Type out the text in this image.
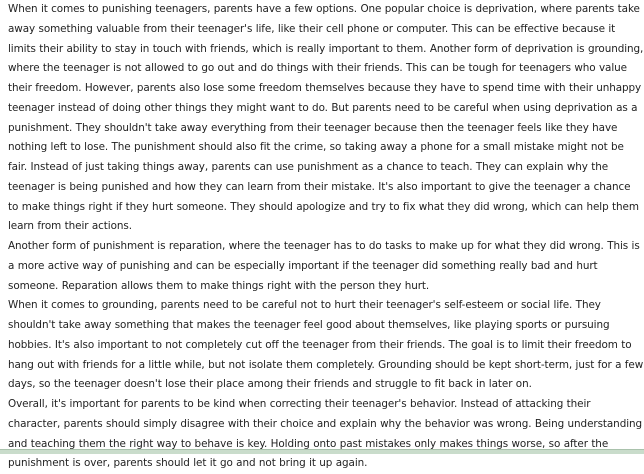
When it comes to punishing teenagers, parents have a few options. One popular choice is deprivation, where parents take away something valuable from their teenager's life, like their cell phone or computer. This can be effective because it limits their ability to stay in touch with friends, which is really important to them. Another form of deprivation is grounding, where the teenager is not allowed to go out and do things with their friends. This can be tough for teenagers who value their freedom. However, parents also lose some freedom themselves because they have to spend time with their unhappy teenager instead of doing other things they might want to do. But parents need to be careful when using deprivation as a punishment. They shouldn't take away everything from their teenager because then the teenager feels like they have nothing left to lose. The punishment should also fit the crime, so taking away a phone for a small mistake might not be fair. Instead of just taking things away, parents can use punishment as a chance to teach. They can explain why the teenager is being punished and how they can learn from their mistake. It's also important to give the teenager a chance to make things right if they hurt someone. They should apologize and try to fix what they did wrong, which can help them learn from their actions.

Another form of punishment is reparation, where the teenager has to do tasks to make up for what they did wrong. This is a more active way of punishing and can be especially important if the teenager did something really bad and hurt someone. Reparation allows them to make things right with the person they hurt.

When it comes to grounding, parents need to be careful not to hurt their teenager's self-esteem or social life. They shouldn't take away something that makes the teenager feel good about themselves, like playing sports or pursuing hobbies. It's also important to not completely cut off the teenager from their friends. The goal is to limit their freedom to hang out with friends for a little while, but not isolate them completely. Grounding should be kept short-term, just for a few days, so the teenager doesn't lose their place among their friends and struggle to fit back in later on.

Overall, it's important for parents to be kind when correcting their teenager's behavior. Instead of attacking their character, parents should simply disagree with their choice and explain why the behavior was wrong. Being understanding and teaching them the right way to behave is key. Holding onto past mistakes only makes things worse, so after the punishment is over, parents should let it go and not bring it up again.
